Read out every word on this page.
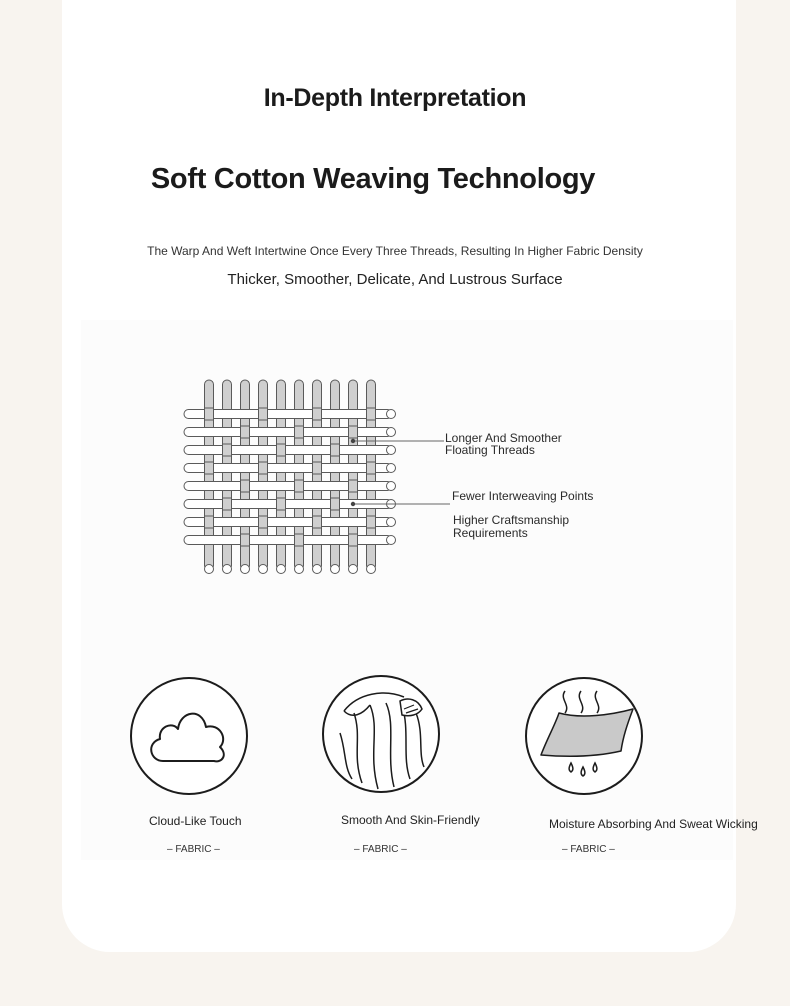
In-Depth Interpretation
Soft Cotton Weaving Technology
The Warp And Weft Intertwine Once Every Three Threads, Resulting In Higher Fabric Density
Thicker, Smoother, Delicate, And Lustrous Surface
Longer And Smoother
Floating Threads
Fewer Interweaving Points
Higher Craftsmanship
Requirements
Cloud-Like Touch
– FABRIC –
Smooth And Skin-Friendly
– FABRIC –
Moisture Absorbing And Sweat Wicking
– FABRIC –
